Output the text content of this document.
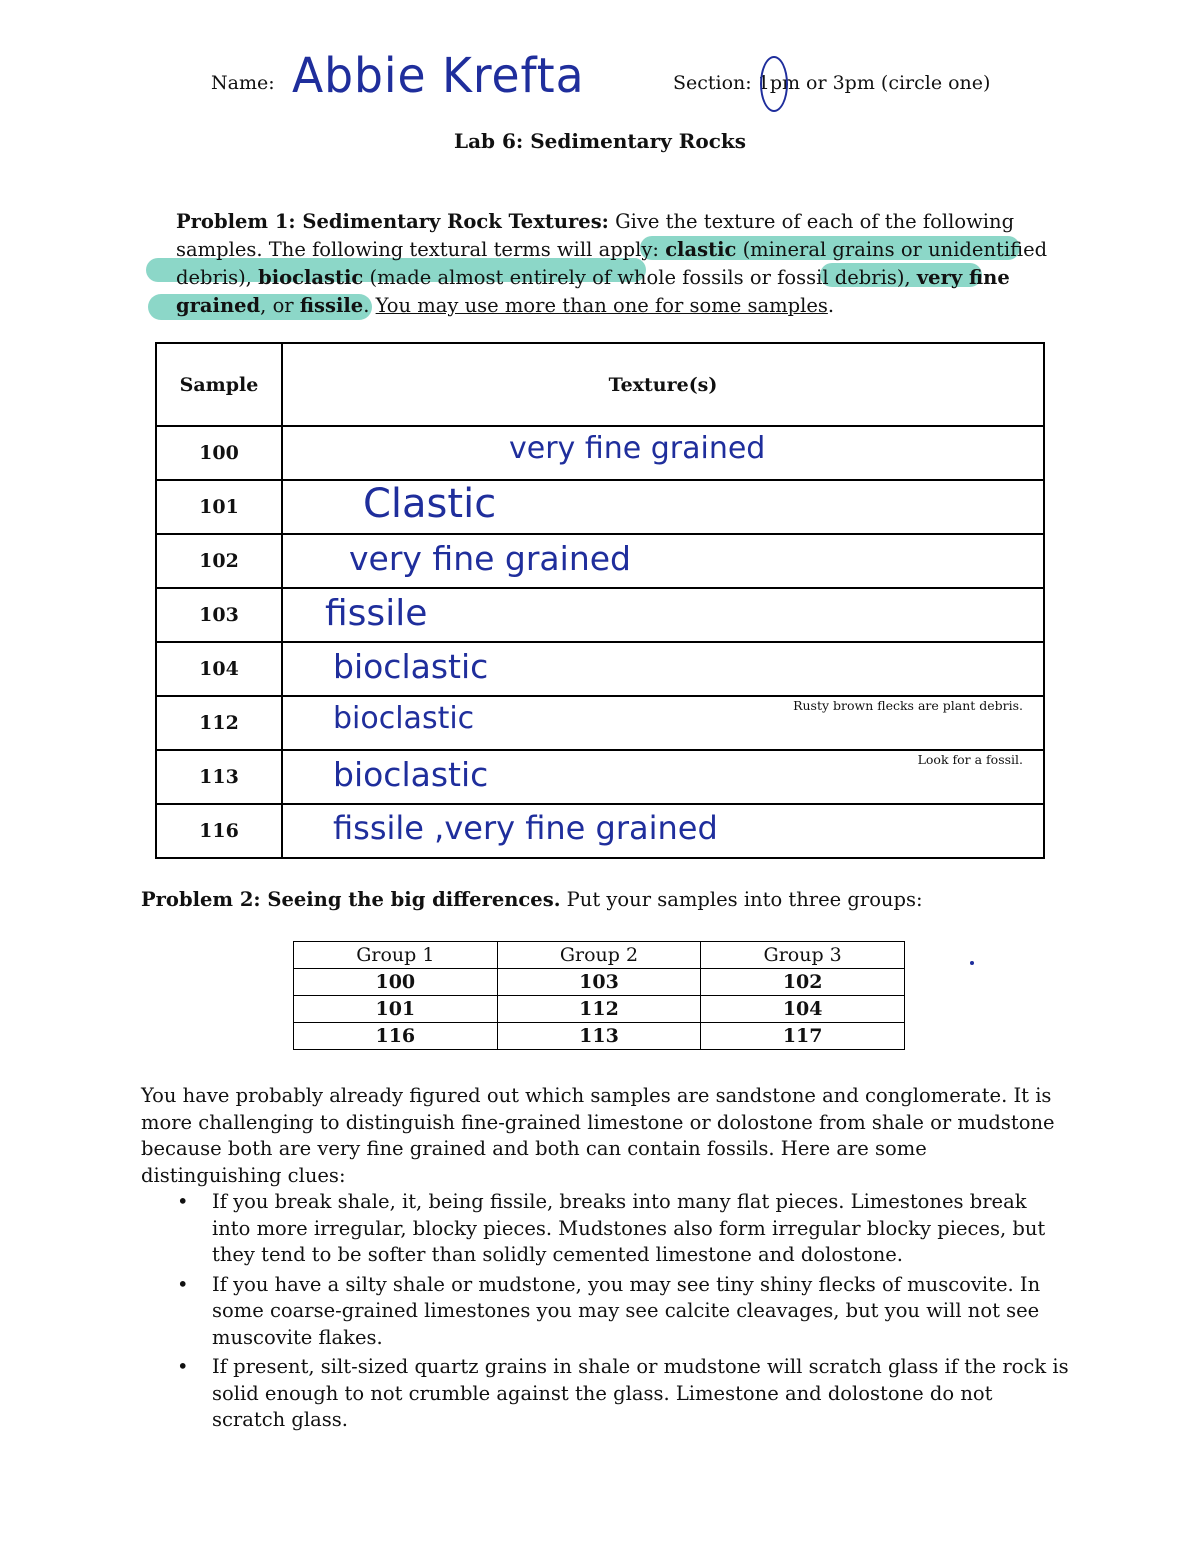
Name: Abbie Krefta	Section: 1pm or 3pm (circle one)
Lab 6: Sedimentary Rocks
Problem 1: Sedimentary Rock Textures: Give the texture of each of the following samples. The following textural terms will apply: clastic (mineral grains or unidentified debris), bioclastic (made almost entirely of whole fossils or fossil debris), very fine grained, or fissile. You may use more than one for some samples.
Sample	Texture(s)
100	very fine grained

101	Clastic

102	very fine grained

103	fissile

104	bioclastic

112	bioclastic Rusty brown flecks are plant debris.

113	bioclastic Look for a fossil.

116	fissile ,very fine grained
Problem 2: Seeing the big differences. Put your samples into three groups:
Group 1	Group 2	Group 3
100	103	102
101	112	104
116	113	117
You have probably already figured out which samples are sandstone and conglomerate. It is more challenging to distinguish fine-grained limestone or dolostone from shale or mudstone because both are very fine grained and both can contain fossils. Here are some distinguishing clues:
• If you break shale, it, being fissile, breaks into many flat pieces. Limestones break into more irregular, blocky pieces. Mudstones also form irregular blocky pieces, but they tend to be softer than solidly cemented limestone and dolostone.
• If you have a silty shale or mudstone, you may see tiny shiny flecks of muscovite. In some coarse-grained limestones you may see calcite cleavages, but you will not see muscovite flakes.
• If present, silt-sized quartz grains in shale or mudstone will scratch glass if the rock is solid enough to not crumble against the glass. Limestone and dolostone do not scratch glass.
